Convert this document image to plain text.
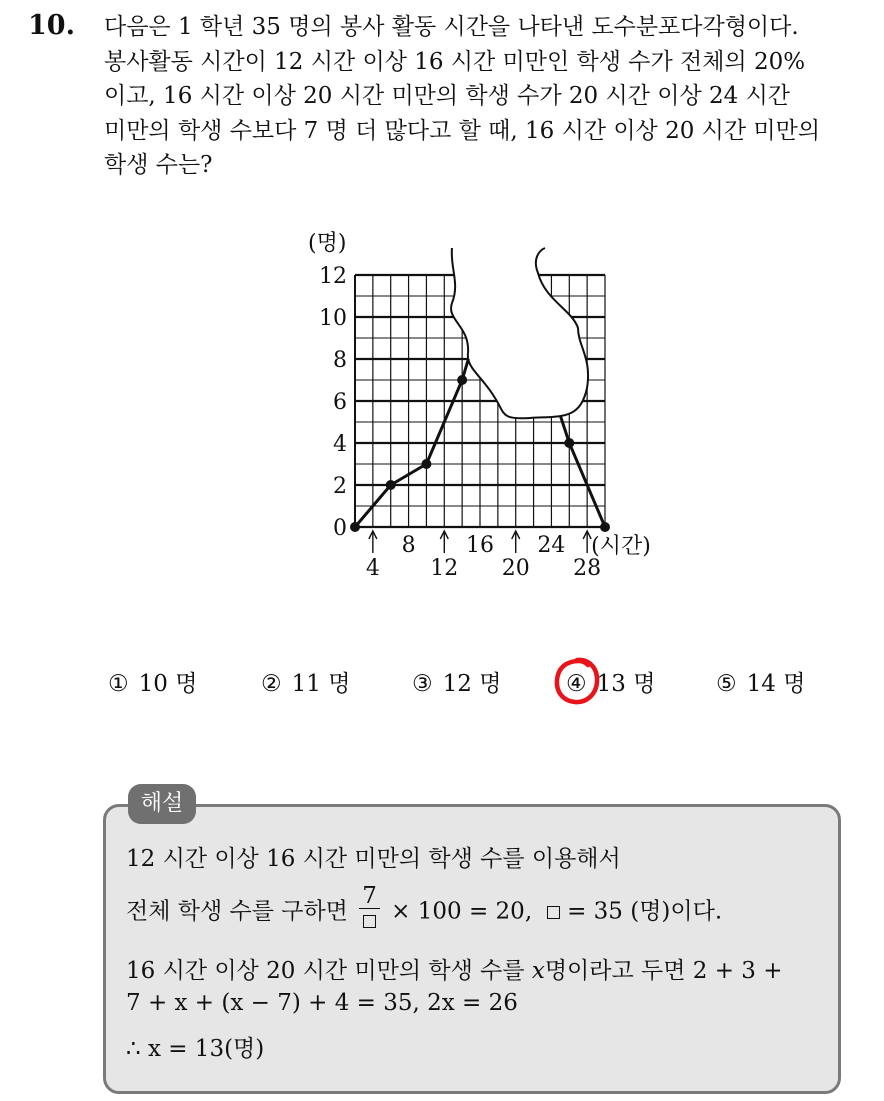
10. 다음은 1 학년 35 명의 봉사 활동 시간을 나타낸 도수분포다각형이다.
봉사활동 시간이 12 시간 이상 16 시간 미만인 학생 수가 전체의 20%
이고, 16 시간 이상 20 시간 미만의 학생 수가 20 시간 이상 24 시간
미만의 학생 수보다 7 명 더 많다고 할 때, 16 시간 이상 20 시간 미만의
학생 수는?
0
2
4
6
8
10
12
(명)
8 16 24
4 12 20 28
(시간)
① 10 명	② 11 명	③ 12 명	④ 13 명	⑤ 14 명
해설
12 시간 이상 16 시간 미만의 학생 수를 이용해서
전체 학생 수를 구하면
7
× 100 = 20, = 35 (명)이다.
16 시간 이상 20 시간 미만의 학생 수를 x명이라고 두면 2 + 3 +
7 + x + (x − 7) + 4 = 35, 2x = 26
∴ x = 13(명)
